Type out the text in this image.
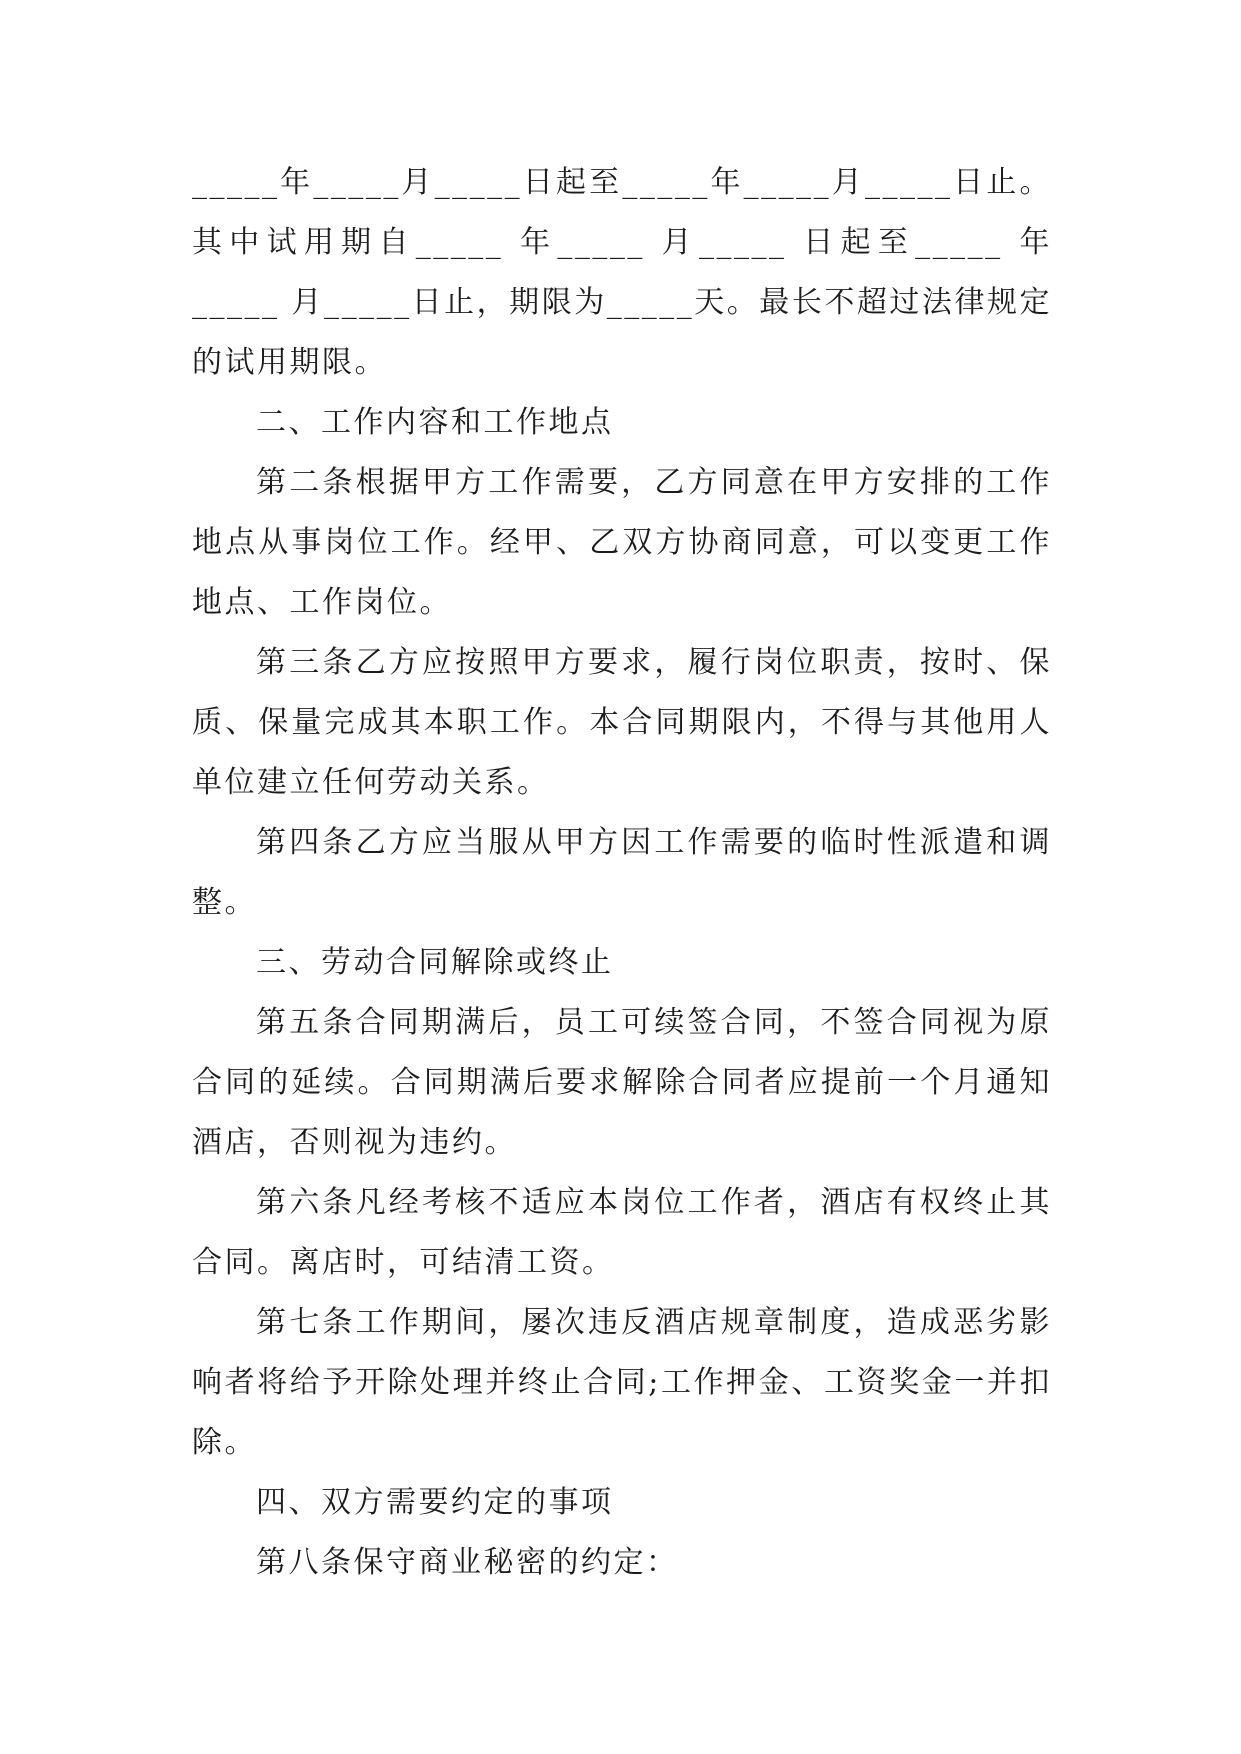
_____年_____月_____日起至_____年_____月_____日止。其中试用期自_____ 年_____ 月_____ 日起至_____ 年_____ 月_____日止，期限为_____天。最长不超过法律规定的试用期限。

二、工作内容和工作地点

第二条根据甲方工作需要，乙方同意在甲方安排的工作地点从事岗位工作。经甲、乙双方协商同意，可以变更工作地点、工作岗位。

第三条乙方应按照甲方要求，履行岗位职责，按时、保质、保量完成其本职工作。本合同期限内，不得与其他用人单位建立任何劳动关系。

第四条乙方应当服从甲方因工作需要的临时性派遣和调整。

三、劳动合同解除或终止

第五条合同期满后，员工可续签合同，不签合同视为原合同的延续。合同期满后要求解除合同者应提前一个月通知酒店，否则视为违约。

第六条凡经考核不适应本岗位工作者，酒店有权终止其合同。离店时，可结清工资。

第七条工作期间，屡次违反酒店规章制度，造成恶劣影响者将给予开除处理并终止合同;工作押金、工资奖金一并扣除。

四、双方需要约定的事项

第八条保守商业秘密的约定：
